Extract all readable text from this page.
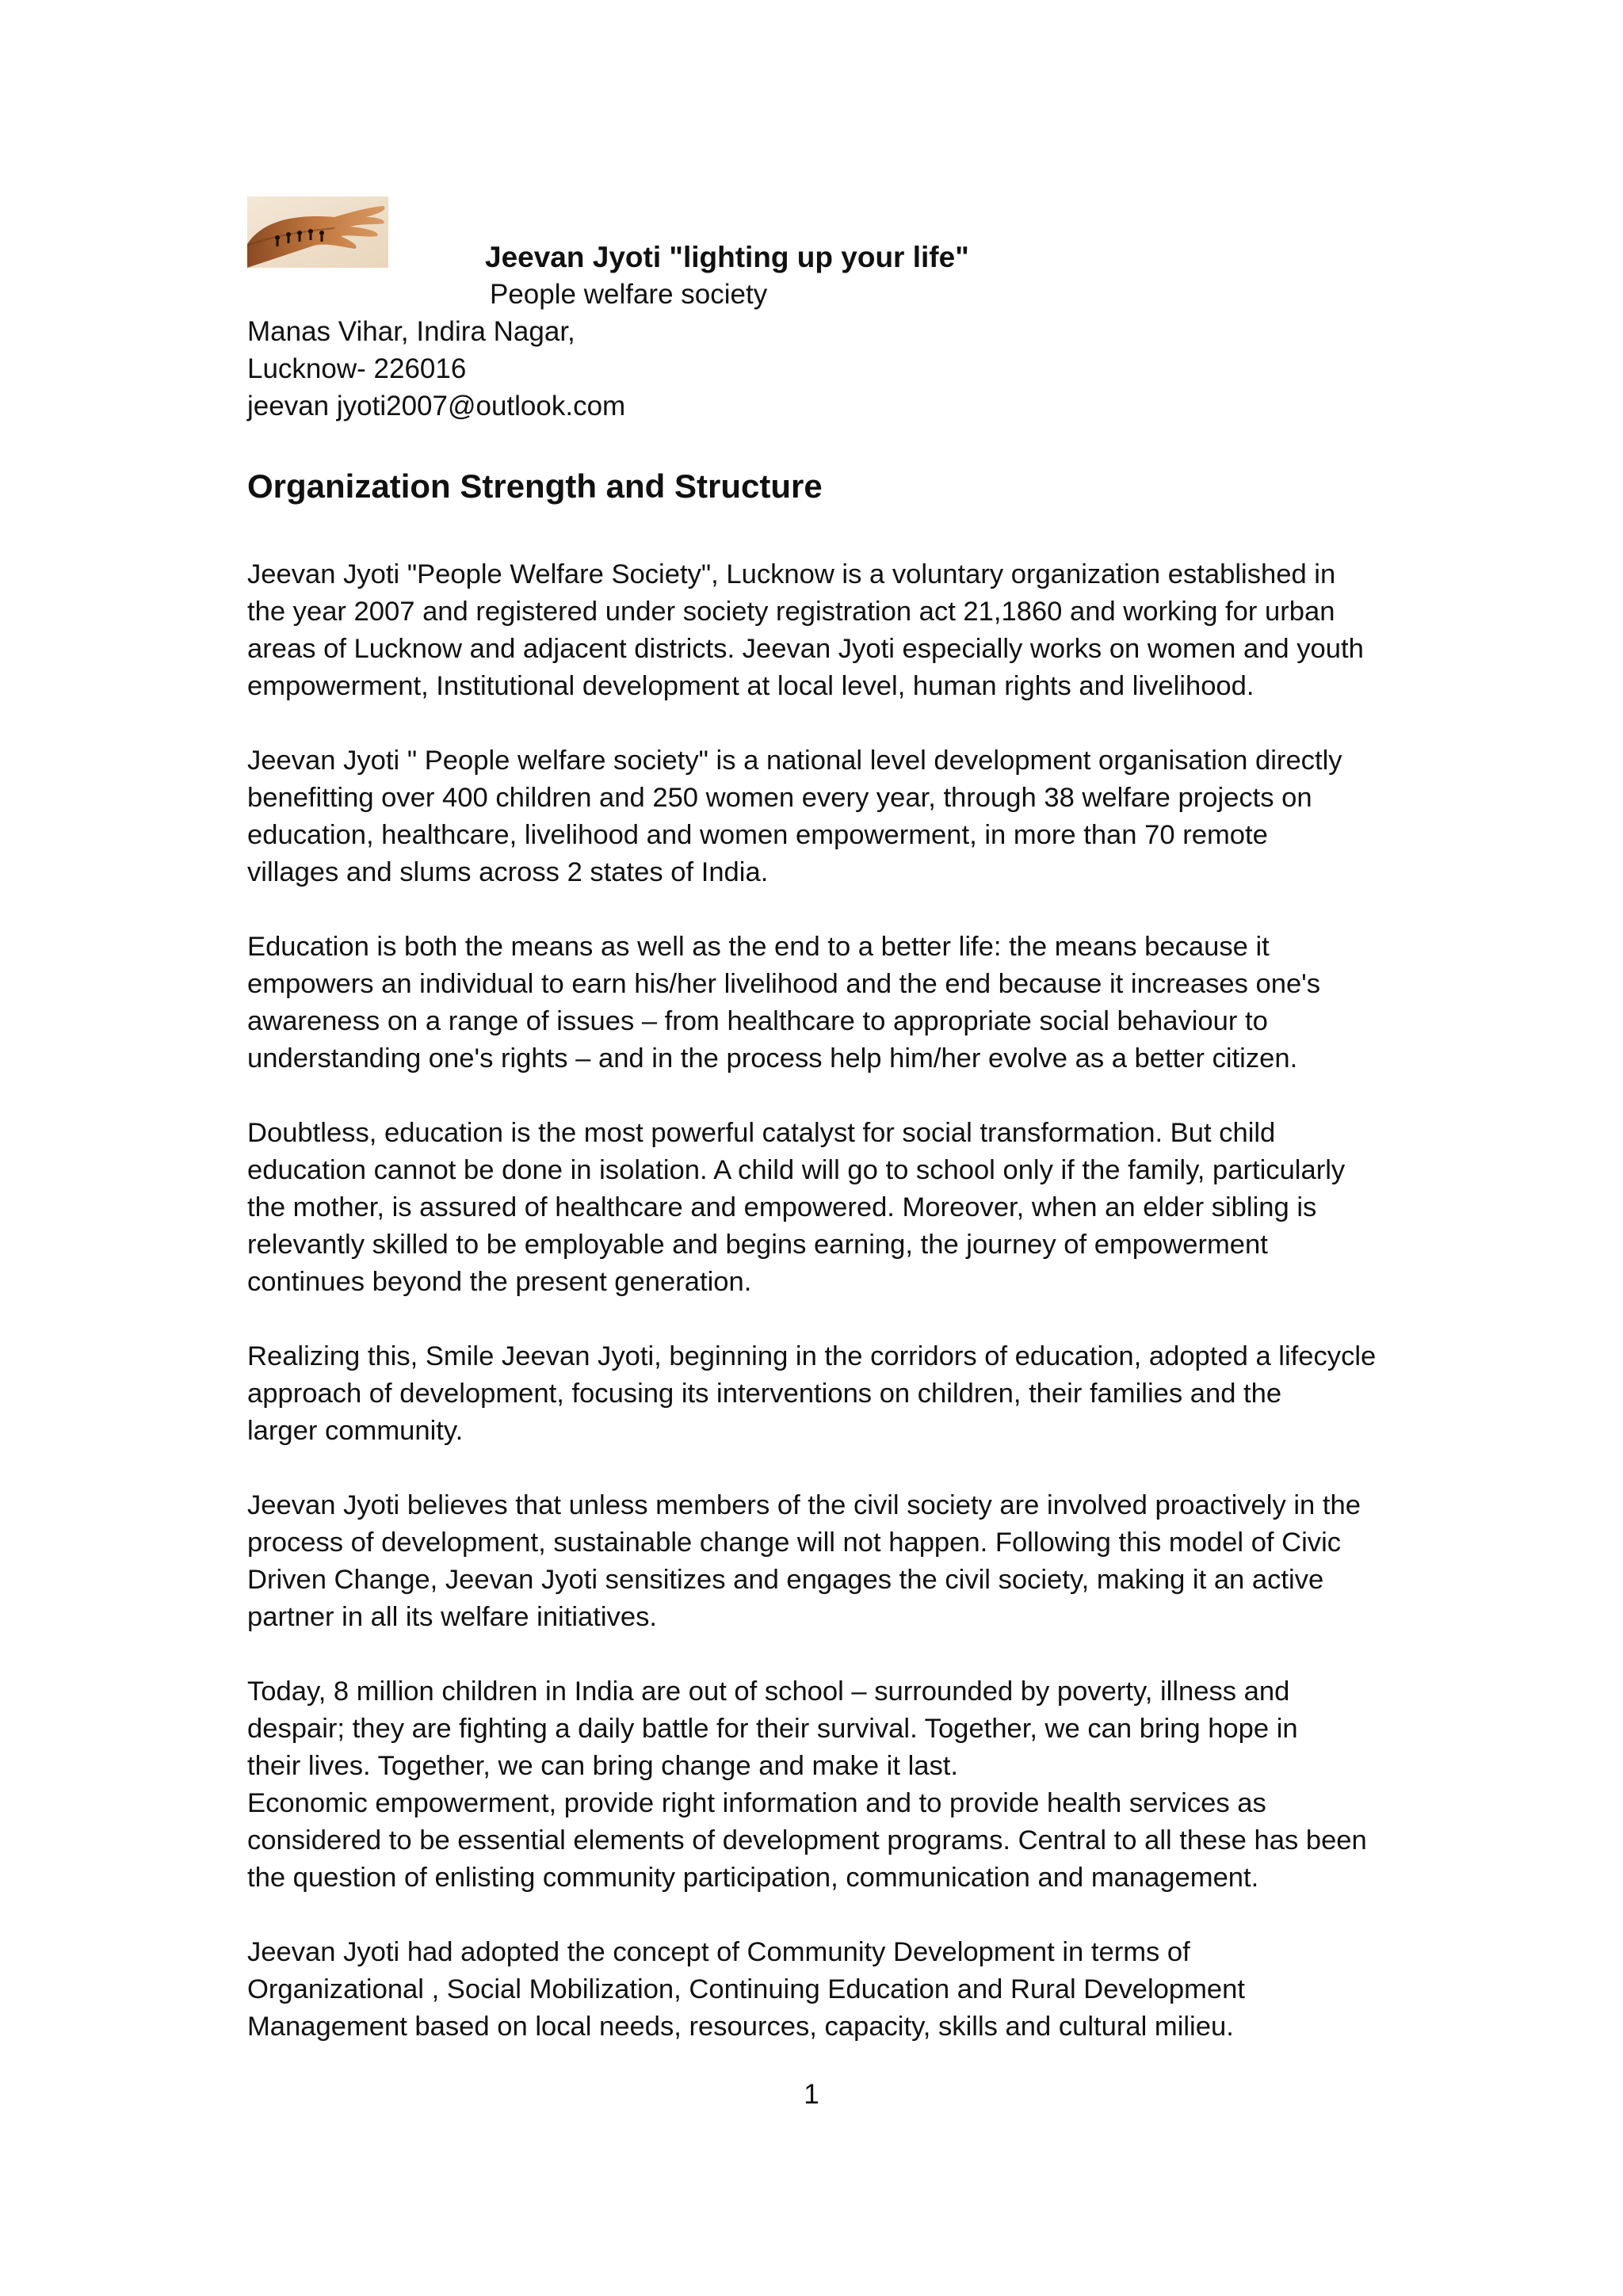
Jeevan Jyoti "lighting up your life"
People welfare society
Manas Vihar, Indira Nagar,
Lucknow- 226016
jeevan jyoti2007@outlook.com
Organization Strength and Structure

Jeevan Jyoti "People Welfare Society", Lucknow is a voluntary organization established in
the year 2007 and registered under society registration act 21,1860 and working for urban
areas of Lucknow and adjacent districts. Jeevan Jyoti especially works on women and youth
empowerment, Institutional development at local level, human rights and livelihood.

Jeevan Jyoti " People welfare society" is a national level development organisation directly
benefitting over 400 children and 250 women every year, through 38 welfare projects on
education, healthcare, livelihood and women empowerment, in more than 70 remote
villages and slums across 2 states of India.

Education is both the means as well as the end to a better life: the means because it
empowers an individual to earn his/her livelihood and the end because it increases one's
awareness on a range of issues – from healthcare to appropriate social behaviour to
understanding one's rights – and in the process help him/her evolve as a better citizen.

Doubtless, education is the most powerful catalyst for social transformation. But child
education cannot be done in isolation. A child will go to school only if the family, particularly
the mother, is assured of healthcare and empowered. Moreover, when an elder sibling is
relevantly skilled to be employable and begins earning, the journey of empowerment
continues beyond the present generation.

Realizing this, Smile Jeevan Jyoti, beginning in the corridors of education, adopted a lifecycle
approach of development, focusing its interventions on children, their families and the
larger community.

Jeevan Jyoti believes that unless members of the civil society are involved proactively in the
process of development, sustainable change will not happen. Following this model of Civic
Driven Change, Jeevan Jyoti sensitizes and engages the civil society, making it an active
partner in all its welfare initiatives.

Today, 8 million children in India are out of school – surrounded by poverty, illness and
despair; they are fighting a daily battle for their survival. Together, we can bring hope in
their lives. Together, we can bring change and make it last.

Economic empowerment, provide right information and to provide health services as
considered to be essential elements of development programs. Central to all these has been
the question of enlisting community participation, communication and management.

Jeevan Jyoti had adopted the concept of Community Development in terms of
Organizational , Social Mobilization, Continuing Education and Rural Development
Management based on local needs, resources, capacity, skills and cultural milieu.

1
